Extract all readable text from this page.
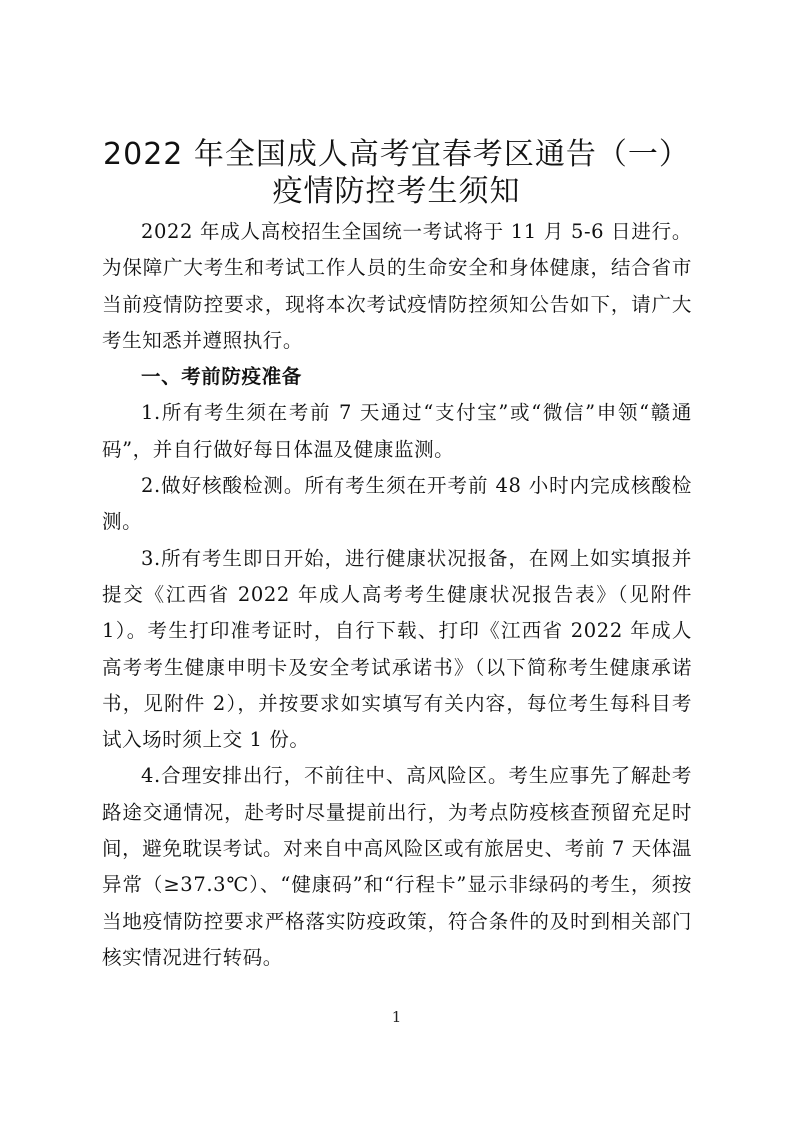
2022 年全国成人高考宜春考区通告（一）
疫情防控考生须知

2022 年成人高校招生全国统一考试将于 11 月 5-6 日进行。为保障广大考生和考试工作人员的生命安全和身体健康，结合省市当前疫情防控要求，现将本次考试疫情防控须知公告如下，请广大考生知悉并遵照执行。

一、考前防疫准备

1.所有考生须在考前 7 天通过“支付宝”或“微信”申领“赣通码”，并自行做好每日体温及健康监测。

2.做好核酸检测。所有考生须在开考前 48 小时内完成核酸检测。

3.所有考生即日开始，进行健康状况报备，在网上如实填报并提交《江西省 2022 年成人高考考生健康状况报告表》（见附件 1）。考生打印准考证时，自行下载、打印《江西省 2022 年成人高考考生健康申明卡及安全考试承诺书》（以下简称考生健康承诺书，见附件 2），并按要求如实填写有关内容，每位考生每科目考试入场时须上交 1 份。

4.合理安排出行，不前往中、高风险区。考生应事先了解赴考路途交通情况，赴考时尽量提前出行，为考点防疫核查预留充足时间，避免耽误考试。对来自中高风险区或有旅居史、考前 7 天体温异常（≥37.3℃）、“健康码”和“行程卡”显示非绿码的考生，须按当地疫情防控要求严格落实防疫政策，符合条件的及时到相关部门核实情况进行转码。

1
